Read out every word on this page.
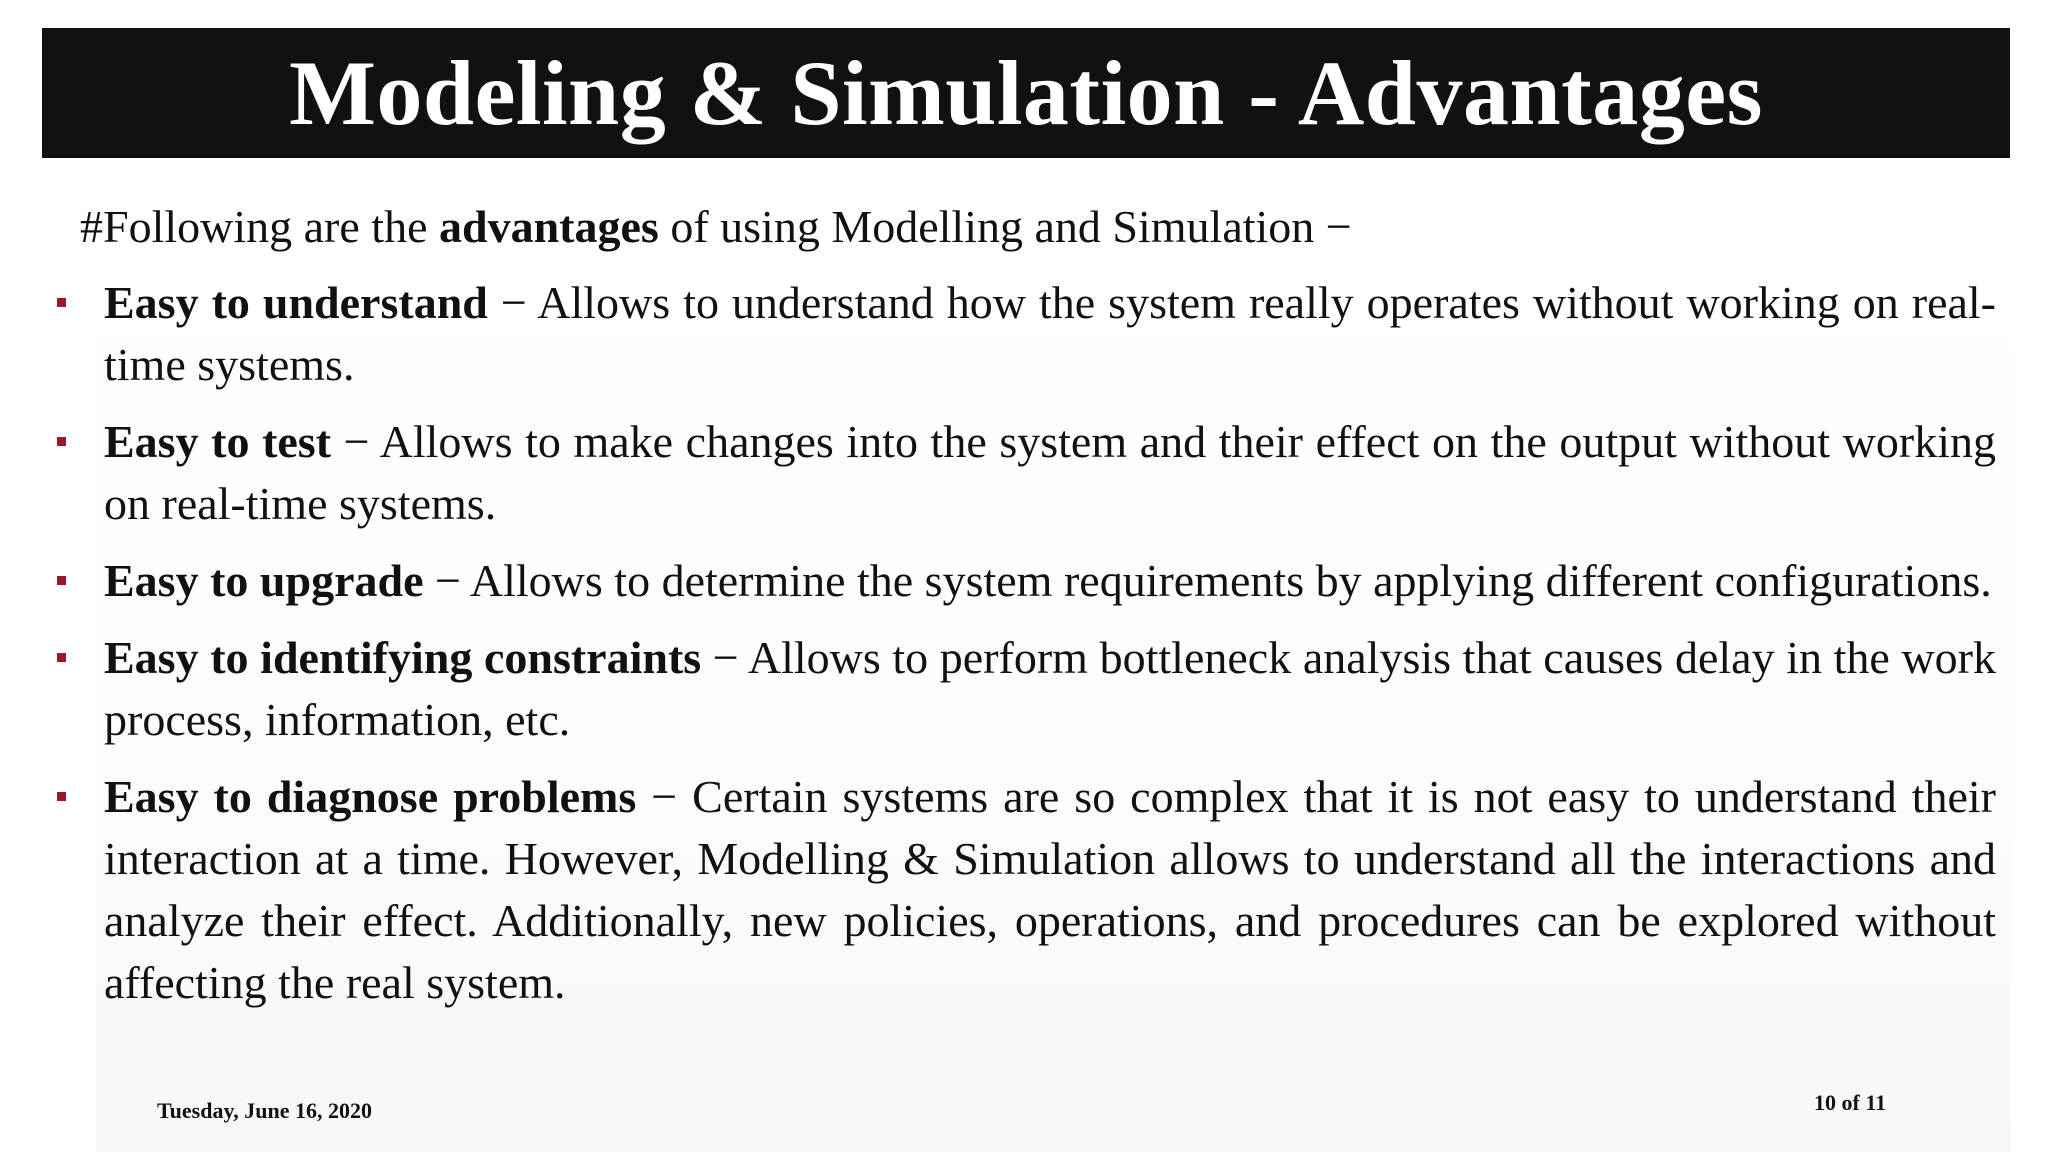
Modeling & Simulation - Advantages
#Following are the advantages of using Modelling and Simulation −
Easy to understand − Allows to understand how the system really operates without working on real-time systems.
Easy to test − Allows to make changes into the system and their effect on the output without working on real-time systems.
Easy to upgrade − Allows to determine the system requirements by applying different configurations.
Easy to identifying constraints − Allows to perform bottleneck analysis that causes delay in the work process, information, etc.
Easy to diagnose problems − Certain systems are so complex that it is not easy to understand their interaction at a time. However, Modelling & Simulation allows to understand all the interactions and analyze their effect. Additionally, new policies, operations, and procedures can be explored without affecting the real system.
Tuesday, June 16, 2020	10 of 11
